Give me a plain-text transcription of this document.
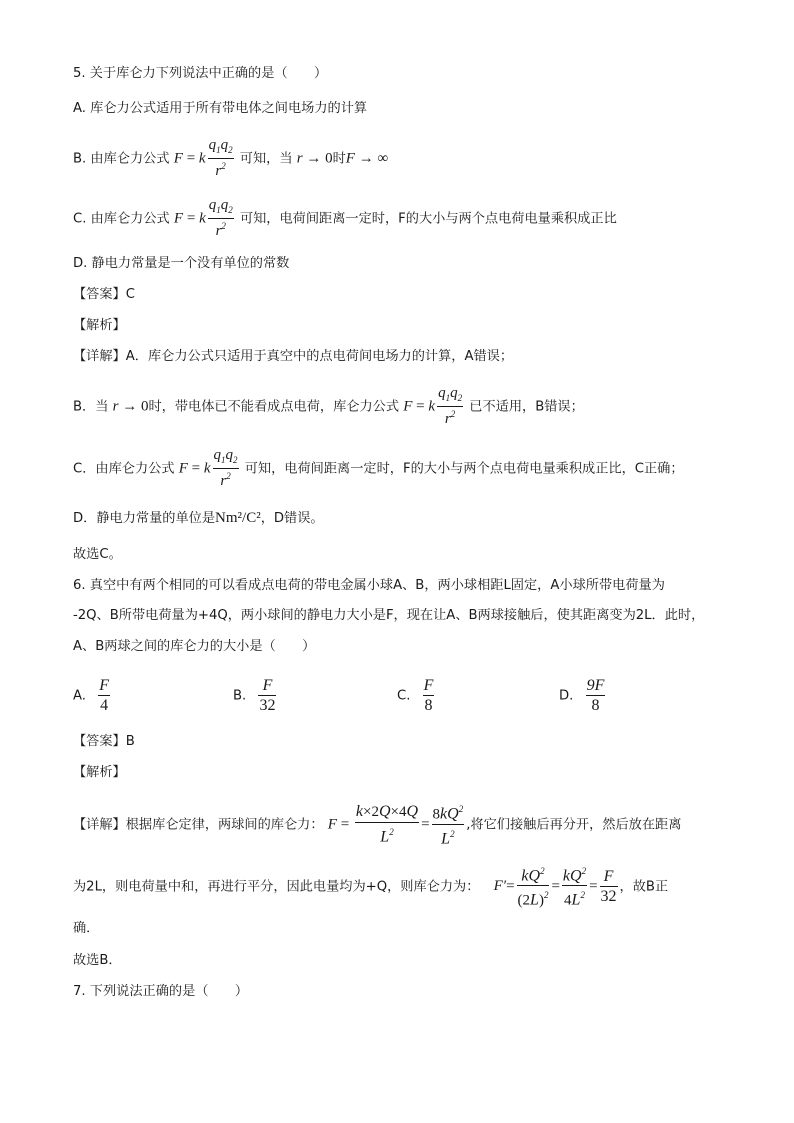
5. 关于库仑力下列说法中正确的是（　　）
A. 库仑力公式适用于所有带电体之间电场力的计算
B. 由库仑力公式 F = k $\frac{q_1q_2}{r^2}$ 可知，当 r → 0时F → ∞
C. 由库仑力公式 F = k $\frac{q_1q_2}{r^2}$ 可知，电荷间距离一定时，F的大小与两个点电荷电量乘积成正比
D. 静电力常量是一个没有单位的常数
【答案】C
【解析】
【详解】A．库仑力公式只适用于真空中的点电荷间电场力的计算，A错误；
B．当 r → 0时，带电体已不能看成点电荷，库仑力公式 F = k $\frac{q_1q_2}{r^2}$ 已不适用，B错误；
C．由库仑力公式 F = k $\frac{q_1q_2}{r^2}$ 可知，电荷间距离一定时，F的大小与两个点电荷电量乘积成正比，C正确；
D．静电力常量的单位是Nm²/C²，D错误。
故选C。
6. 真空中有两个相同的可以看成点电荷的带电金属小球A、B，两小球相距L固定，A小球所带电荷量为
-2Q、B所带电荷量为+4Q，两小球间的静电力大小是F，现在让A、B两球接触后，使其距离变为2L．此时，
A、B两球之间的库仑力的大小是（　　）
A. $\frac{F}{4}$	B. $\frac{F}{32}$	C. $\frac{F}{8}$	D. $\frac{9F}{8}$
【答案】B
【解析】
【详解】根据库仑定律，两球间的库仑力： $F = \frac{k\times 2Q\times 4Q}{L^2} = \frac{8kQ^2}{L^2}$ ,将它们接触后再分开，然后放在距离
为2L，则电荷量中和，再进行平分，因此电量均为+Q，则库仑力为： $F'= \frac{kQ^2}{(2L)^2} = \frac{kQ^2}{4L^2} = \frac{F}{32}$ ，故B正
确．
故选B．
7. 下列说法正确的是（　　）
